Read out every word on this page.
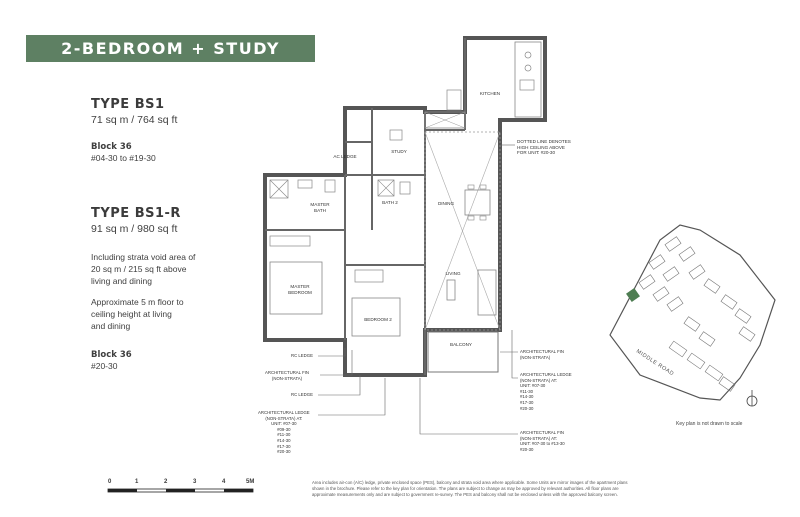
2-BEDROOM + STUDY
TYPE BS1
71 sq m / 764 sq ft
Block 36
#04-30 to #19-30
TYPE BS1-R
91 sq m / 980 sq ft
Including strata void area of
20 sq m / 215 sq ft above
living and dining
Approximate 5 m floor to
ceiling height at living
and dining
Block 36
#20-30
KITCHEN
AC LEDGE
STUDY
MASTER
BATH
BATH 2	DINING
LIVING
MASTER
BEDROOM
BEDROOM 2
BALCONY
DOTTED LINE DENOTES
HIGH CEILING ABOVE
FOR UNIT: #20-30
RC LEDGE
ARCHITECTURAL FIN
(NON-STRATA)
RC LEDGE
ARCHITECTURAL LEDGE
(NON-STRATA) AT:
UNIT: #07-30
#09-30
#11-30
#14-30
#17-30
#20-30
ARCHITECTURAL FIN
(NON-STRATA)
ARCHITECTURAL LEDGE
(NON-STRATA) AT:
UNIT: #07-30
#11-30
#14-30
#17-30
#20-30
ARCHITECTURAL FIN
(NON-STRATA) AT:
UNIT: #07-30 to #13-30
#20-30
MIDDLE ROAD
Key plan is not drawn to scale
0	1	2	3	4	5M	Area includes air-con (A/C) ledge, private enclosed space (PES), balcony and strata void area where applicable. Some Units are mirror images of the apartment plans
shown in the brochure. Please refer to the key plan for orientation. The plans are subject to change as may be approved by relevant authorities. All floor plans are
approximate measurements only and are subject to government re-survey. The PES and balcony shall not be enclosed unless with the approved balcony screen.
